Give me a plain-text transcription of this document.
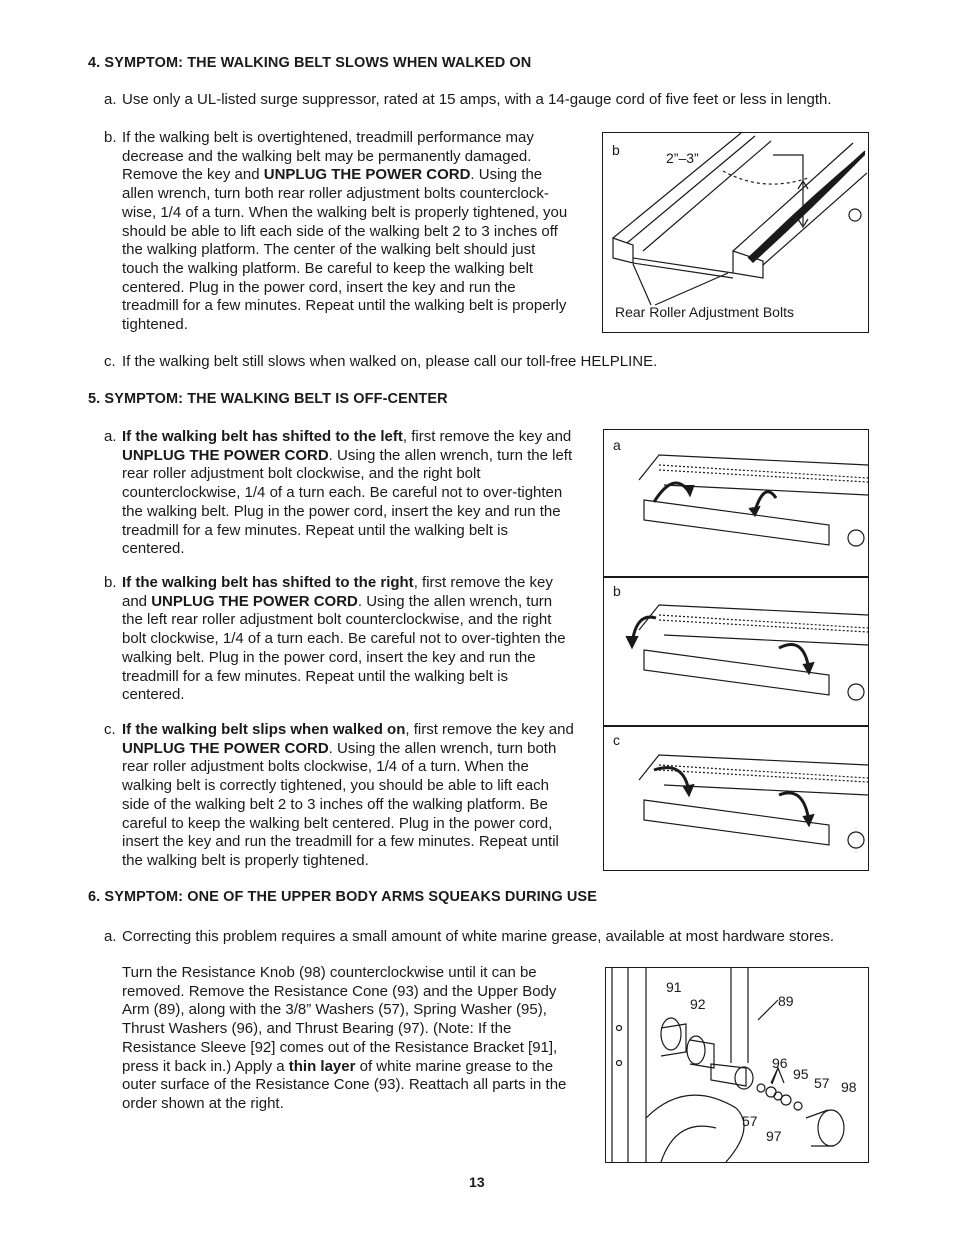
4. SYMPTOM: THE WALKING BELT SLOWS WHEN WALKED ON
a. Use only a UL-listed surge suppressor, rated at 15 amps, with a 14-gauge cord of five feet or less in length.
b. If the walking belt is overtightened, treadmill performance may decrease and the walking belt may be permanently damaged. Remove the key and UNPLUG THE POWER CORD. Using the allen wrench, turn both rear roller adjustment bolts counterclock-wise, 1/4 of a turn. When the walking belt is properly tightened, you should be able to lift each side of the walking belt 2 to 3 inches off the walking platform. The center of the walking belt should just touch the walking platform. Be careful to keep the walking belt centered. Plug in the power cord, insert the key and run the treadmill for a few minutes. Repeat until the walking belt is properly tightened.
b	2”–3”
Rear Roller Adjustment Bolts
c. If the walking belt still slows when walked on, please call our toll-free HELPLINE.
5. SYMPTOM: THE WALKING BELT IS OFF-CENTER
a. If the walking belt has shifted to the left, first remove the key and UNPLUG THE POWER CORD. Using the allen wrench, turn the left rear roller adjustment bolt clockwise, and the right bolt counterclockwise, 1/4 of a turn each. Be careful not to over-tighten the walking belt. Plug in the power cord, insert the key and run the treadmill for a few minutes. Repeat until the walking belt is centered.
b. If the walking belt has shifted to the right, first remove the key and UNPLUG THE POWER CORD. Using the allen wrench, turn the left rear roller adjustment bolt counterclockwise, and the right bolt clockwise, 1/4 of a turn each. Be careful not to over-tighten the walking belt. Plug in the power cord, insert the key and run the treadmill for a few minutes. Repeat until the walking belt is centered.
c. If the walking belt slips when walked on, first remove the key and UNPLUG THE POWER CORD. Using the allen wrench, turn both rear roller adjustment bolts clockwise, 1/4 of a turn. When the walking belt is correctly tightened, you should be able to lift each side of the walking belt 2 to 3 inches off the walking platform. Be careful to keep the walking belt centered. Plug in the power cord, insert the key and run the treadmill for a few minutes. Repeat until the walking belt is properly tightened.
a
b
c
6. SYMPTOM: ONE OF THE UPPER BODY ARMS SQUEAKS DURING USE
a. Correcting this problem requires a small amount of white marine grease, available at most hardware stores.
Turn the Resistance Knob (98) counterclockwise until it can be removed. Remove the Resistance Cone (93) and the Upper Body Arm (89), along with the 3/8” Washers (57), Spring Washer (95), Thrust Washers (96), and Thrust Bearing (97). (Note: If the Resistance Sleeve [92] comes out of the Resistance Bracket [91], press it back in.) Apply a thin layer of white marine grease to the outer surface of the Resistance Cone (93). Reattach all parts in the order shown at the right.
91
92	89
96
95
57 98
57
97
13
